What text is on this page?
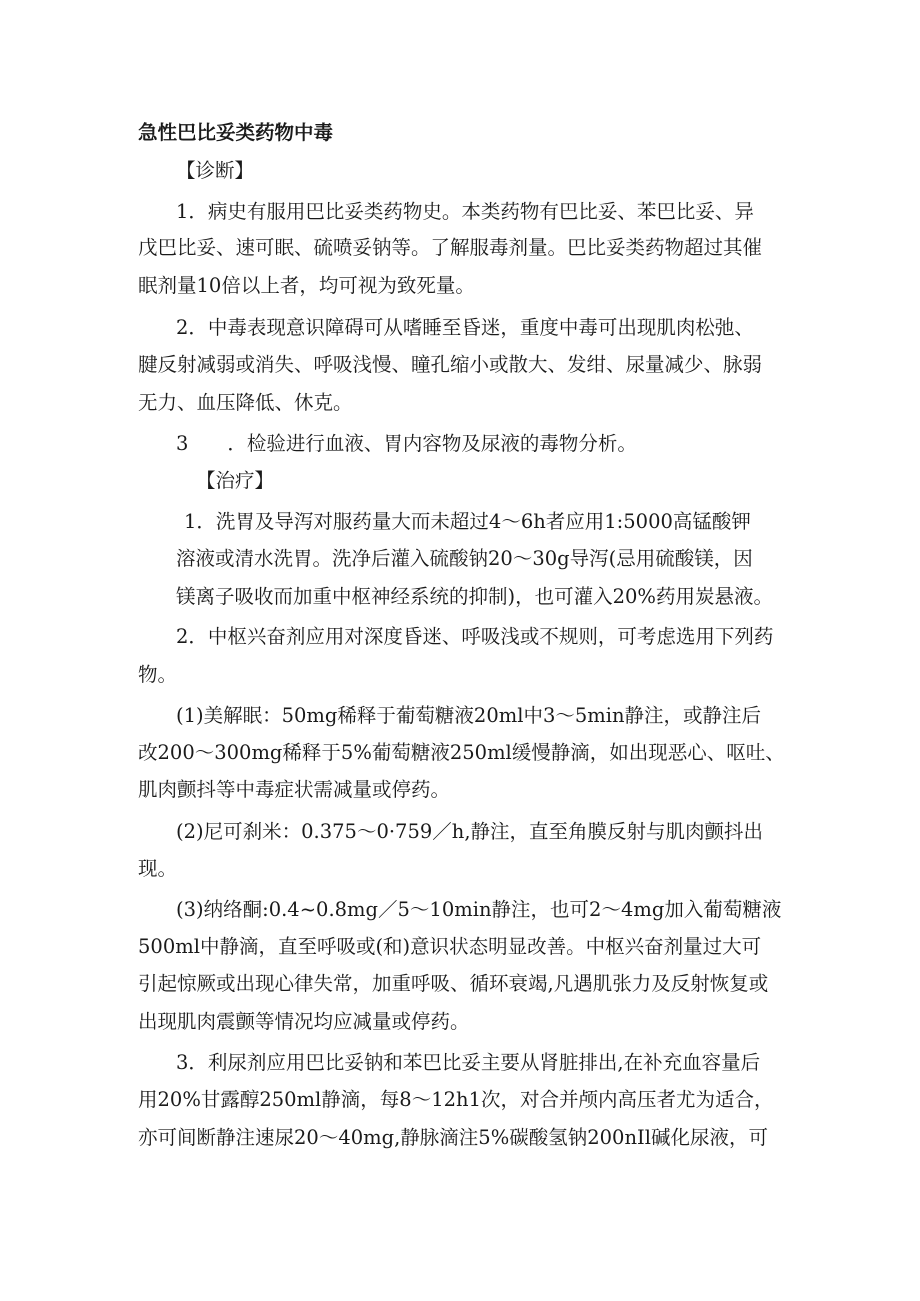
急性巴比妥类药物中毒

【诊断】

1．病史有服用巴比妥类药物史。本类药物有巴比妥、苯巴比妥、异

戊巴比妥、速可眠、硫喷妥钠等。了解服毒剂量。巴比妥类药物超过其催

眠剂量10倍以上者，均可视为致死量。

2．中毒表现意识障碍可从嗜睡至昏迷，重度中毒可出现肌肉松弛、

腱反射减弱或消失、呼吸浅慢、瞳孔缩小或散大、发绀、尿量减少、脉弱

无力、血压降低、休克。

3　　．检验进行血液、胃内容物及尿液的毒物分析。

【治疗】

1．洗胃及导泻对服药量大而未超过4～6h者应用1:5000高锰酸钾

溶液或清水洗胃。洗净后灌入硫酸钠20～30g导泻(忌用硫酸镁，因

镁离子吸收而加重中枢神经系统的抑制)，也可灌入20%药用炭悬液。

2．中枢兴奋剂应用对深度昏迷、呼吸浅或不规则，可考虑选用下列药

物。

(1)美解眠：50mg稀释于葡萄糖液20ml中3～5min静注，或静注后

改200～300mg稀释于5%葡萄糖液250ml缓慢静滴，如出现恶心、呕吐、

肌肉颤抖等中毒症状需减量或停药。

(2)尼可刹米：0.375～0·759／h,静注，直至角膜反射与肌肉颤抖出

现。

(3)纳络酮:0.4~0.8mg／5～10min静注，也可2～4mg加入葡萄糖液

500ml中静滴，直至呼吸或(和)意识状态明显改善。中枢兴奋剂量过大可

引起惊厥或出现心律失常，加重呼吸、循环衰竭,凡遇肌张力及反射恢复或

出现肌肉震颤等情况均应减量或停药。

3．利尿剂应用巴比妥钠和苯巴比妥主要从肾脏排出,在补充血容量后

用20%甘露醇250ml静滴，每8～12h1次，对合并颅内高压者尤为适合，

亦可间断静注速尿20～40mg,静脉滴注5%碳酸氢钠200nIl碱化尿液，可
